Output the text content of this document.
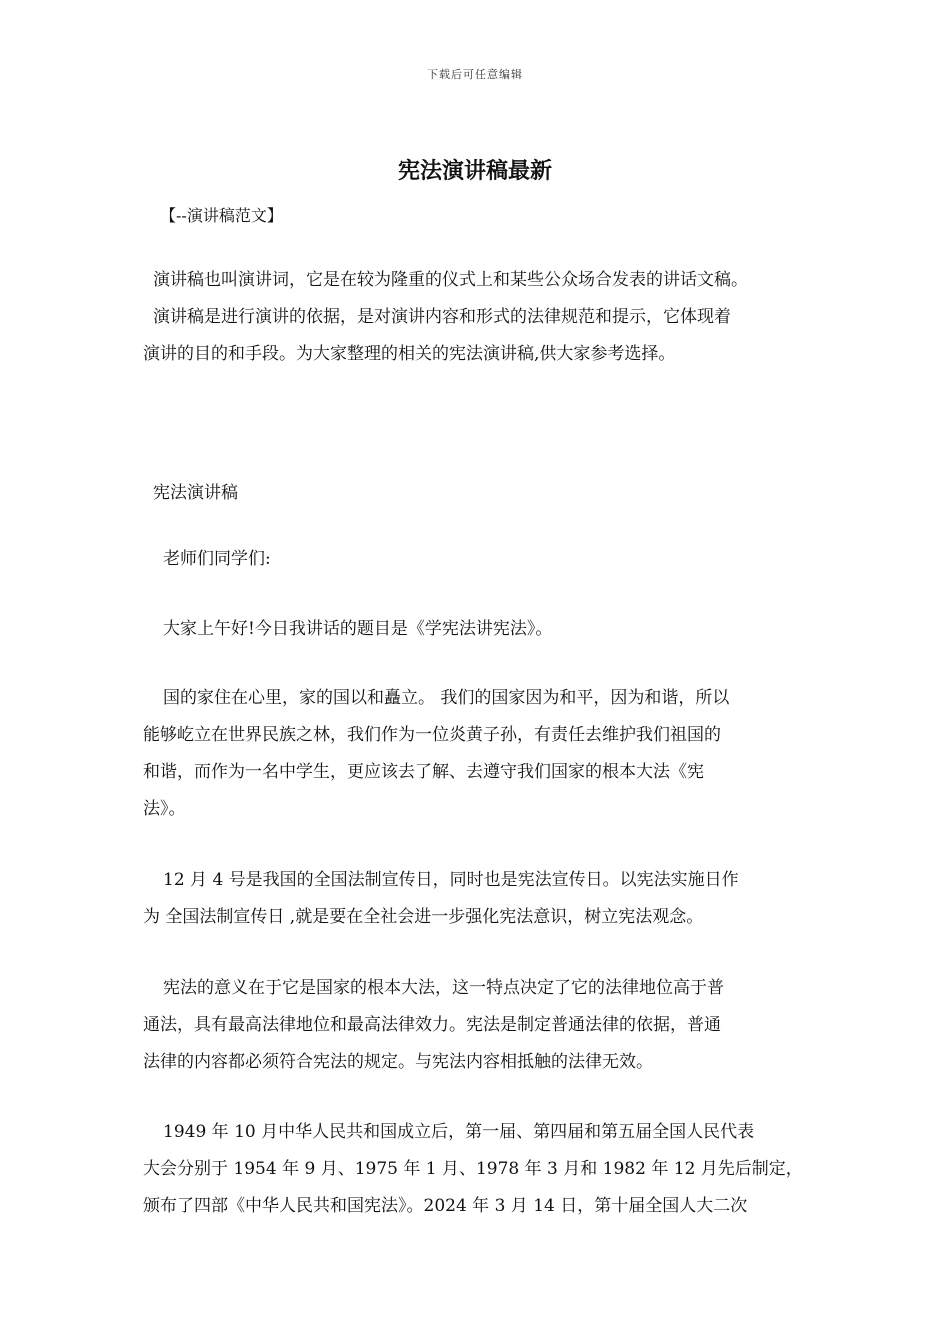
下载后可任意编辑
宪法演讲稿最新
【--演讲稿范文】

演讲稿也叫演讲词，它是在较为隆重的仪式上和某些公众场合发表的讲话文稿。

演讲稿是进行演讲的依据，是对演讲内容和形式的法律规范和提示，它体现着

演讲的目的和手段。为大家整理的相关的宪法演讲稿,供大家参考选择。

宪法演讲稿
老师们同学们:
大家上午好!今日我讲话的题目是《学宪法讲宪法》。

国的家住在心里，家的国以和矗立。 我们的国家因为和平，因为和谐，所以

能够屹立在世界民族之林，我们作为一位炎黄子孙，有责任去维护我们祖国的

和谐，而作为一名中学生，更应该去了解、去遵守我们国家的根本大法《宪

法》。

12 月 4 号是我国的全国法制宣传日，同时也是宪法宣传日。以宪法实施日作

为 全国法制宣传日 ,就是要在全社会进一步强化宪法意识，树立宪法观念。

宪法的意义在于它是国家的根本大法，这一特点决定了它的法律地位高于普

通法，具有最高法律地位和最高法律效力。宪法是制定普通法律的依据，普通

法律的内容都必须符合宪法的规定。与宪法内容相抵触的法律无效。

1949 年 10 月中华人民共和国成立后，第一届、第四届和第五届全国人民代表

大会分别于 1954 年 9 月、1975 年 1 月、1978 年 3 月和 1982 年 12 月先后制定，

颁布了四部《中华人民共和国宪法》。2024 年 3 月 14 日，第十届全国人大二次
